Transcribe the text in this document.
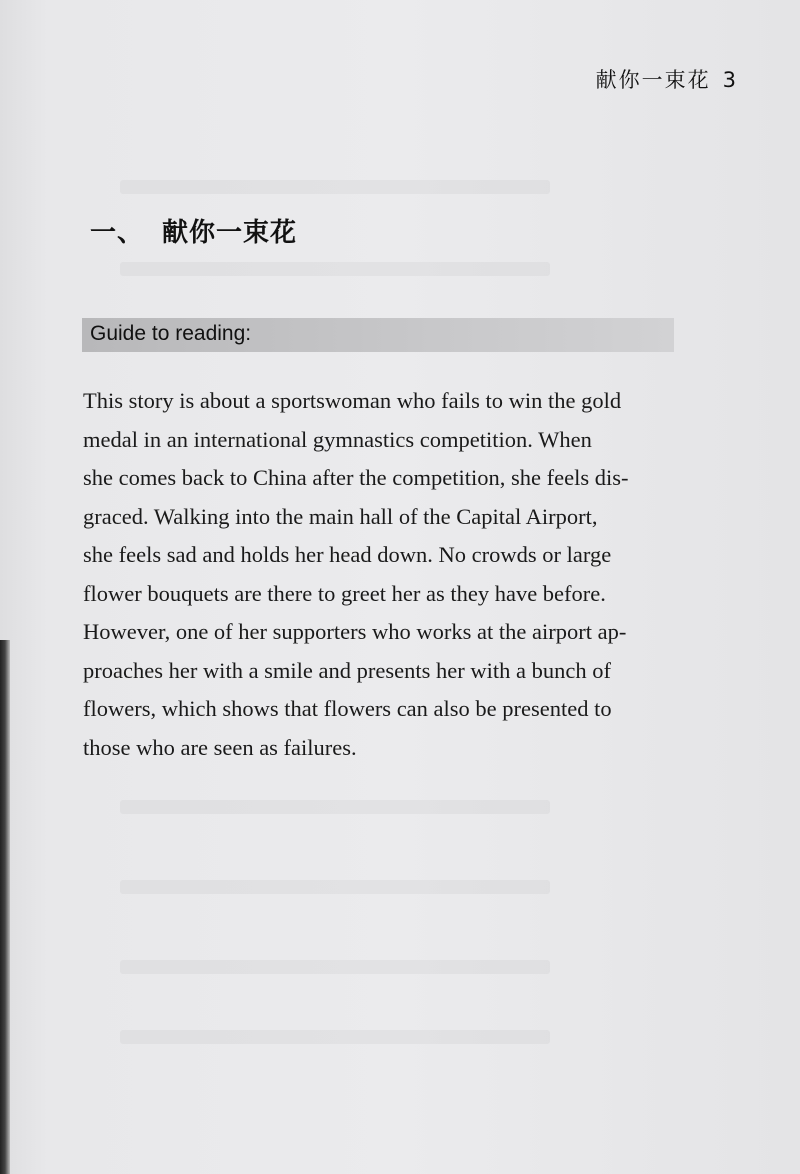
献你一束花 3
一、 献你一束花
Guide to reading:

This story is about a sportswoman who fails to win the gold
medal in an international gymnastics competition. When
she comes back to China after the competition, she feels dis-
graced. Walking into the main hall of the Capital Airport,
she feels sad and holds her head down. No crowds or large
flower bouquets are there to greet her as they have before.
However, one of her supporters who works at the airport ap-
proaches her with a smile and presents her with a bunch of
flowers, which shows that flowers can also be presented to
those who are seen as failures.
